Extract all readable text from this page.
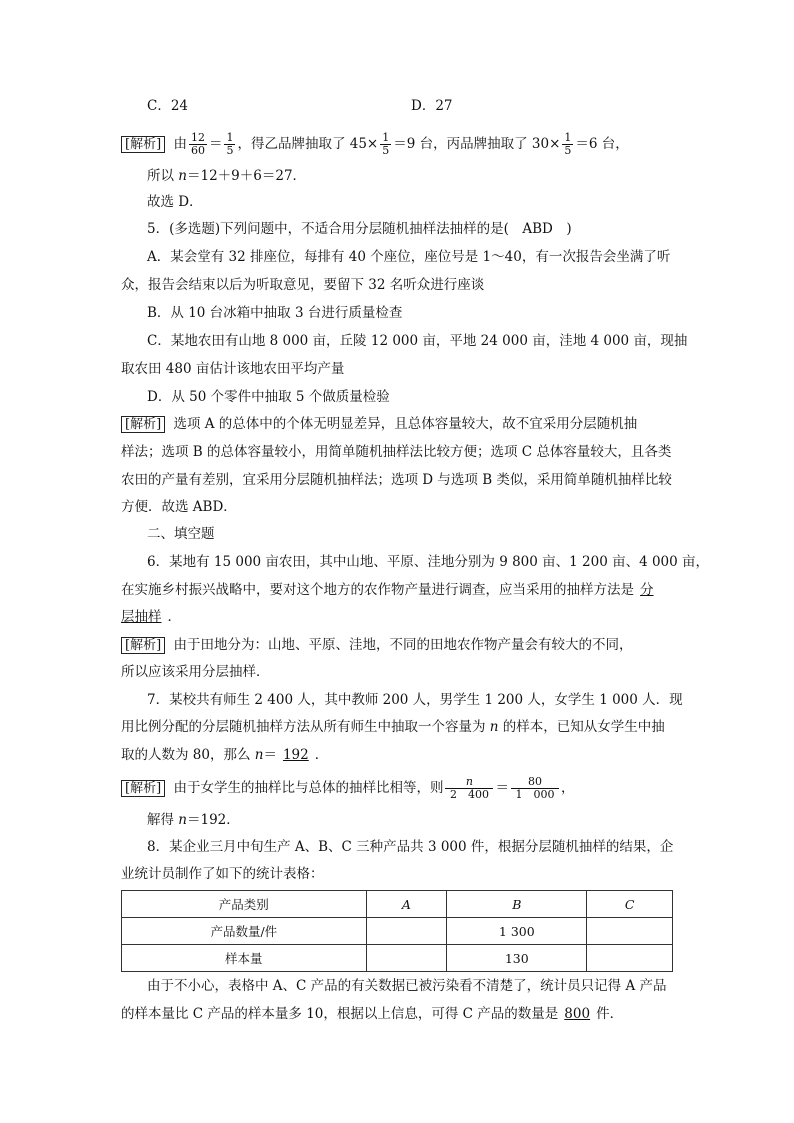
C．24	D．27
[解析] 由 $\frac{12}{60} = \frac{1}{5}$ ，得乙品牌抽取了 $45\times \frac{1}{5} =9$ 台，丙品牌抽取了 $30\times \frac{1}{5} =6$ 台，
所以 n＝12＋9＋6＝27．
故选 D．
5．(多选题)下列问题中，不适合用分层随机抽样法抽样的是(　ABD　)
A．某会堂有 32 排座位，每排有 40 个座位，座位号是 1～40，有一次报告会坐满了听
众，报告会结束以后为听取意见，要留下 32 名听众进行座谈
B．从 10 台冰箱中抽取 3 台进行质量检查
C．某地农田有山地 8 000 亩，丘陵 12 000 亩，平地 24 000 亩，洼地 4 000 亩，现抽
取农田 480 亩估计该地农田平均产量
D．从 50 个零件中抽取 5 个做质量检验
[解析] 选项 A 的总体中的个体无明显差异，且总体容量较大，故不宜采用分层随机抽
样法；选项 B 的总体容量较小，用简单随机抽样法比较方便；选项 C 总体容量较大，且各类
农田的产量有差别，宜采用分层随机抽样法；选项 D 与选项 B 类似，采用简单随机抽样比较
方便．故选 ABD．
二、填空题
6．某地有 15 000 亩农田，其中山地、平原、洼地分别为 9 800 亩、1 200 亩、4 000 亩，
在实施乡村振兴战略中，要对这个地方的农作物产量进行调查，应当采用的抽样方法是 分
层抽样 ．
[解析] 由于田地分为：山地、平原、洼地，不同的田地农作物产量会有较大的不同，
所以应该采用分层抽样．
7．某校共有师生 2 400 人，其中教师 200 人，男学生 1 200 人，女学生 1 000 人．现
用比例分配的分层随机抽样方法从所有师生中抽取一个容量为 n 的样本，已知从女学生中抽
取的人数为 80，那么 n＝ 192 ．
[解析] 由于女学生的抽样比与总体的抽样比相等，则 $\frac{n}{2 400} = \frac{80}{1 000}$ ，
解得 n＝192．
8．某企业三月中旬生产 A、B、C 三种产品共 3 000 件，根据分层随机抽样的结果，企
业统计员制作了如下的统计表格：
产品类别	A	B	C
产品数量/件		1 300	
样本量		130	
由于不小心，表格中 A、C 产品的有关数据已被污染看不清楚了，统计员只记得 A 产品
的样本量比 C 产品的样本量多 10，根据以上信息，可得 C 产品的数量是 800 件．
